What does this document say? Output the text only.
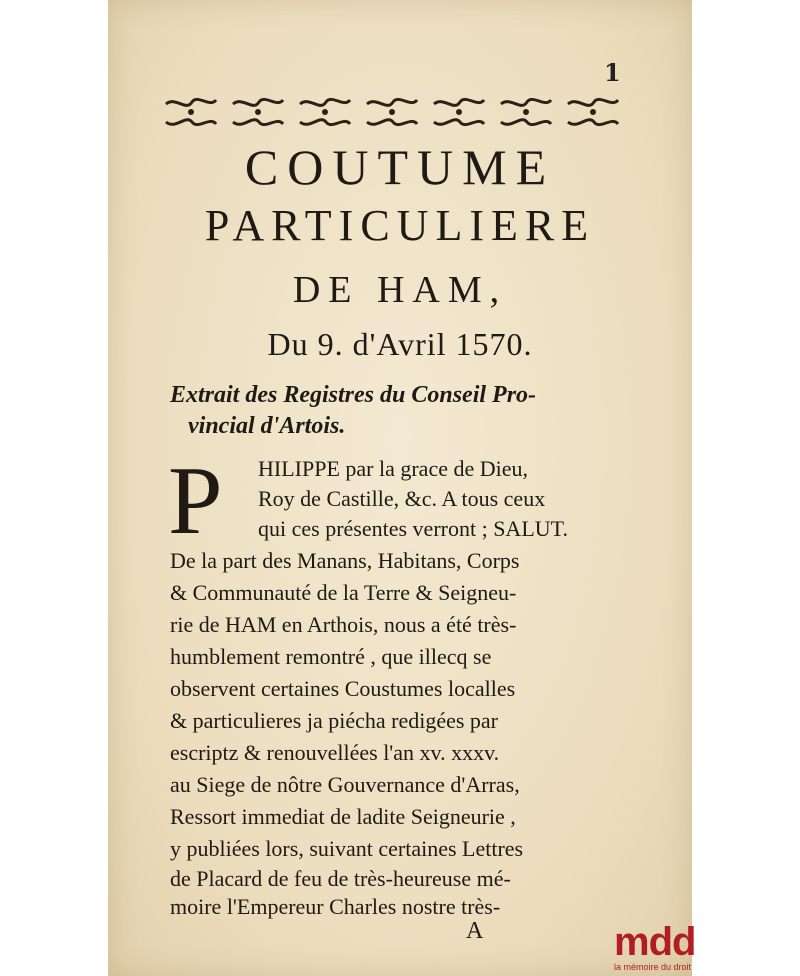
1
COUTUME
PARTICULIERE
DE HAM,
Du 9. d'Avril 1570.
Extrait des Registres du Conseil Pro-
vincial d'Artois.
P HILIPPE par la grace de Dieu,
Roy de Castille, &c. A tous ceux
qui ces présentes verront ; SALUT.
De la part des Manans, Habitans, Corps
& Communauté de la Terre & Seigneu-
rie de HAM en Arthois, nous a été très-
humblement remontré , que illecq se
observent certaines Coustumes localles
& particulieres ja piécha redigées par
escriptz & renouvellées l'an xv. xxxv.
au Siege de nôtre Gouvernance d'Arras,
Ressort immediat de ladite Seigneurie ,
y publiées lors, suivant certaines Lettres
de Placard de feu de très-heureuse mé-
moire l'Empereur Charles nostre très-
A	mdd
la mémoire du droit
